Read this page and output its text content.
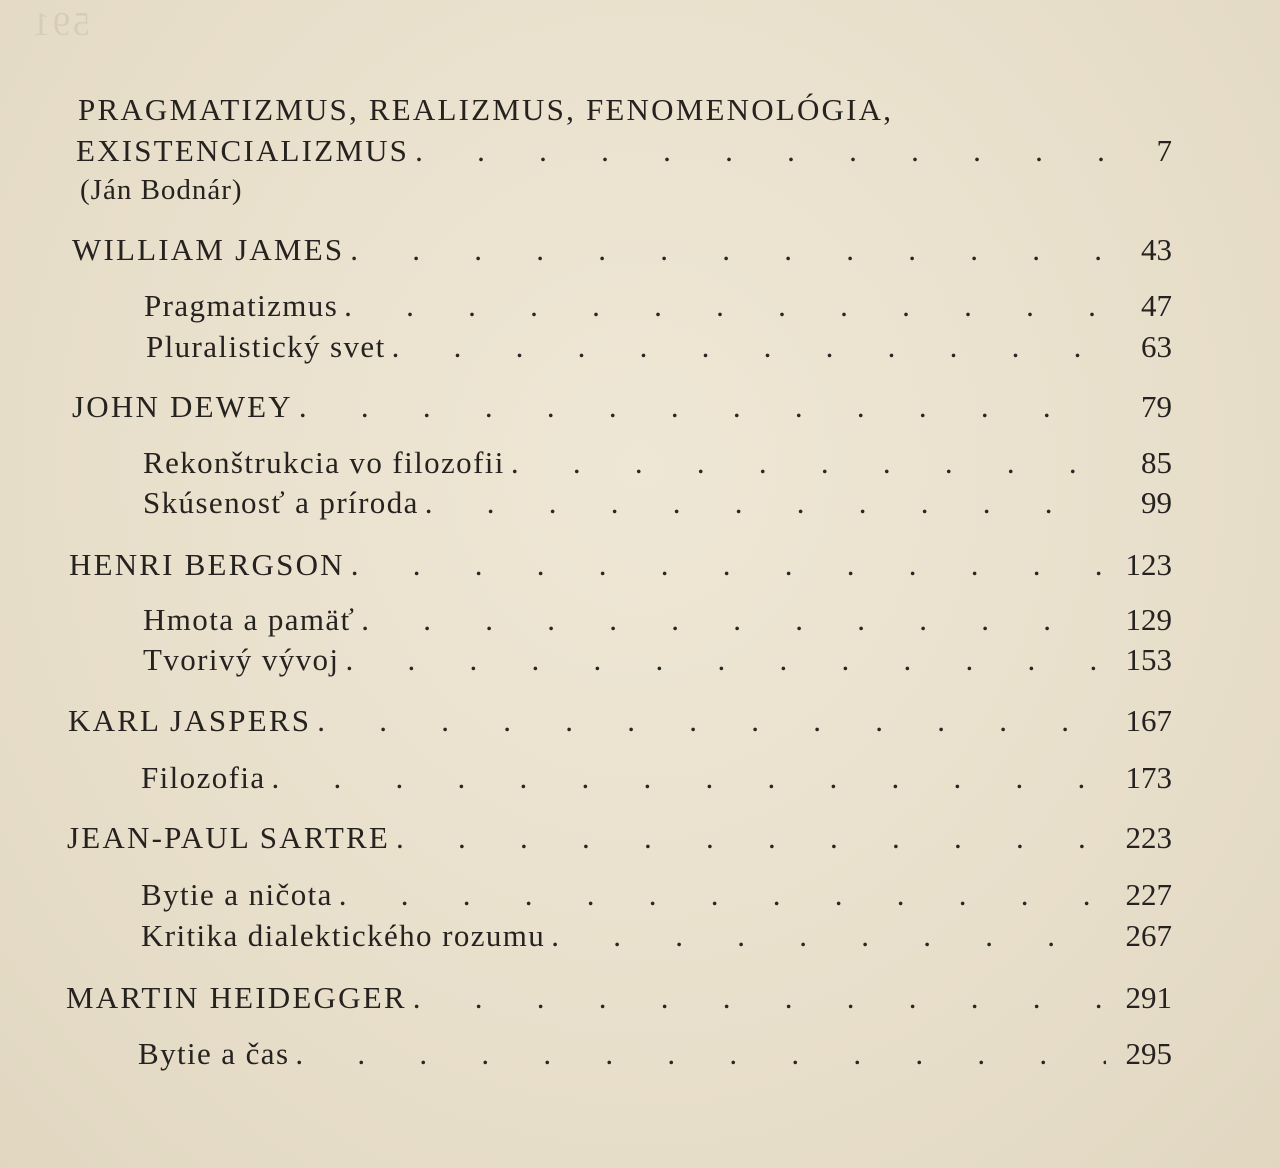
591
PRAGMATIZMUS, REALIZMUS, FENOMENOLÓGIA,
EXISTENCIALIZMUS .	7
(Ján Bodnár)
WILLIAM JAMES .	43
Pragmatizmus .	47
Pluralistický svet .	63
JOHN DEWEY .	79
Rekonštrukcia vo filozofii .	85
Skúsenosť a príroda .	99
HENRI BERGSON .	123
Hmota a pamäť .	129
Tvorivý vývoj .	153
KARL JASPERS .	167
Filozofia .	173
JEAN-PAUL SARTRE .	223
Bytie a ničota .	227
Kritika dialektického rozumu .	267
MARTIN HEIDEGGER .	291
Bytie a čas .	295
